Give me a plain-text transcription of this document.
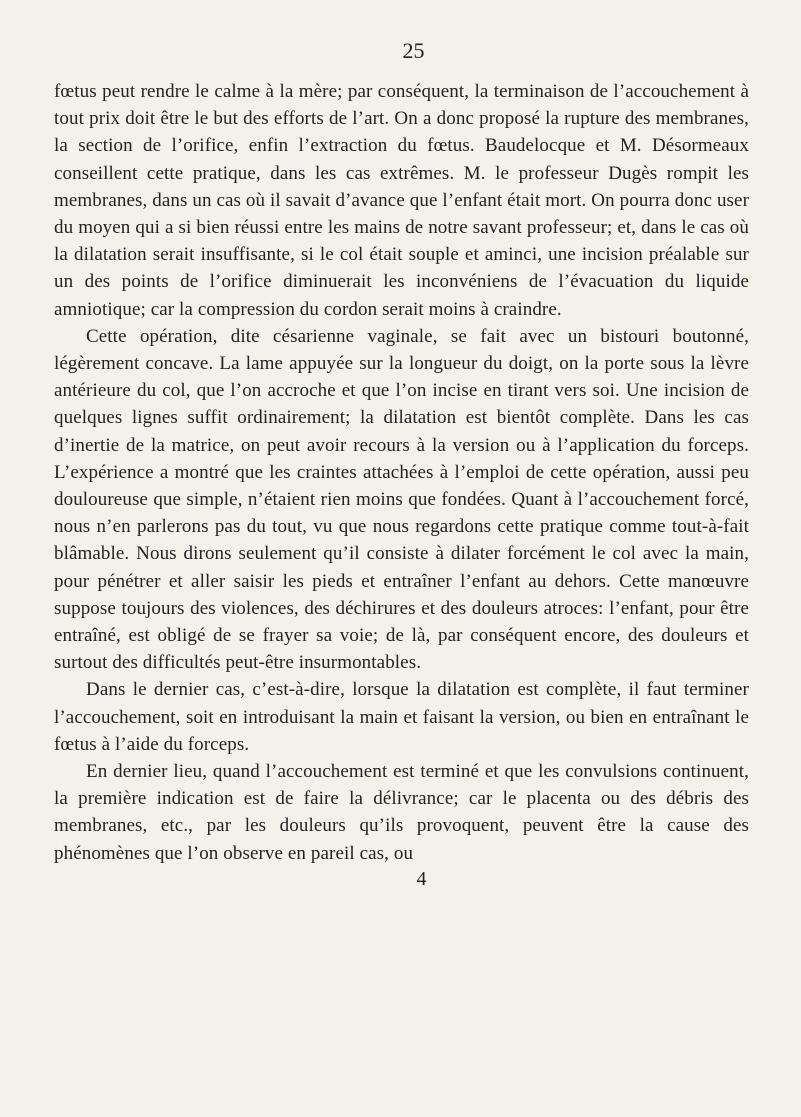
25

fœtus peut rendre le calme à la mère; par conséquent, la terminaison de l’accouchement à tout prix doit être le but des efforts de l’art. On a donc proposé la rupture des membranes, la section de l’orifice, enfin l’extraction du fœtus. Baudelocque et M. Désormeaux conseillent cette pratique, dans les cas extrêmes. M. le professeur Dugès rompit les membranes, dans un cas où il savait d’avance que l’enfant était mort. On pourra donc user du moyen qui a si bien réussi entre les mains de notre savant professeur; et, dans le cas où la dilatation serait insuffisante, si le col était souple et aminci, une incision préalable sur un des points de l’orifice diminuerait les inconvéniens de l’évacuation du liquide amniotique; car la compression du cordon serait moins à craindre.

Cette opération, dite césarienne vaginale, se fait avec un bistouri boutonné, légèrement concave. La lame appuyée sur la longueur du doigt, on la porte sous la lèvre antérieure du col, que l’on accroche et que l’on incise en tirant vers soi. Une incision de quelques lignes suffit ordinairement; la dilatation est bientôt complète. Dans les cas d’inertie de la matrice, on peut avoir recours à la version ou à l’application du forceps. L’expérience a montré que les craintes attachées à l’emploi de cette opération, aussi peu douloureuse que simple, n’étaient rien moins que fondées. Quant à l’accouchement forcé, nous n’en parlerons pas du tout, vu que nous regardons cette pratique comme tout-à-fait blâmable. Nous dirons seulement qu’il consiste à dilater forcément le col avec la main, pour pénétrer et aller saisir les pieds et entraîner l’enfant au dehors. Cette manœuvre suppose toujours des violences, des déchirures et des douleurs atroces: l’enfant, pour être entraîné, est obligé de se frayer sa voie; de là, par conséquent encore, des douleurs et surtout des difficultés peut-être insurmontables.

Dans le dernier cas, c’est-à-dire, lorsque la dilatation est complète, il faut terminer l’accouchement, soit en introduisant la main et faisant la version, ou bien en entraînant le fœtus à l’aide du forceps.

En dernier lieu, quand l’accouchement est terminé et que les convulsions continuent, la première indication est de faire la délivrance; car le placenta ou des débris des membranes, etc., par les douleurs qu’ils provoquent, peuvent être la cause des phénomènes que l’on observe en pareil cas, ou

4
